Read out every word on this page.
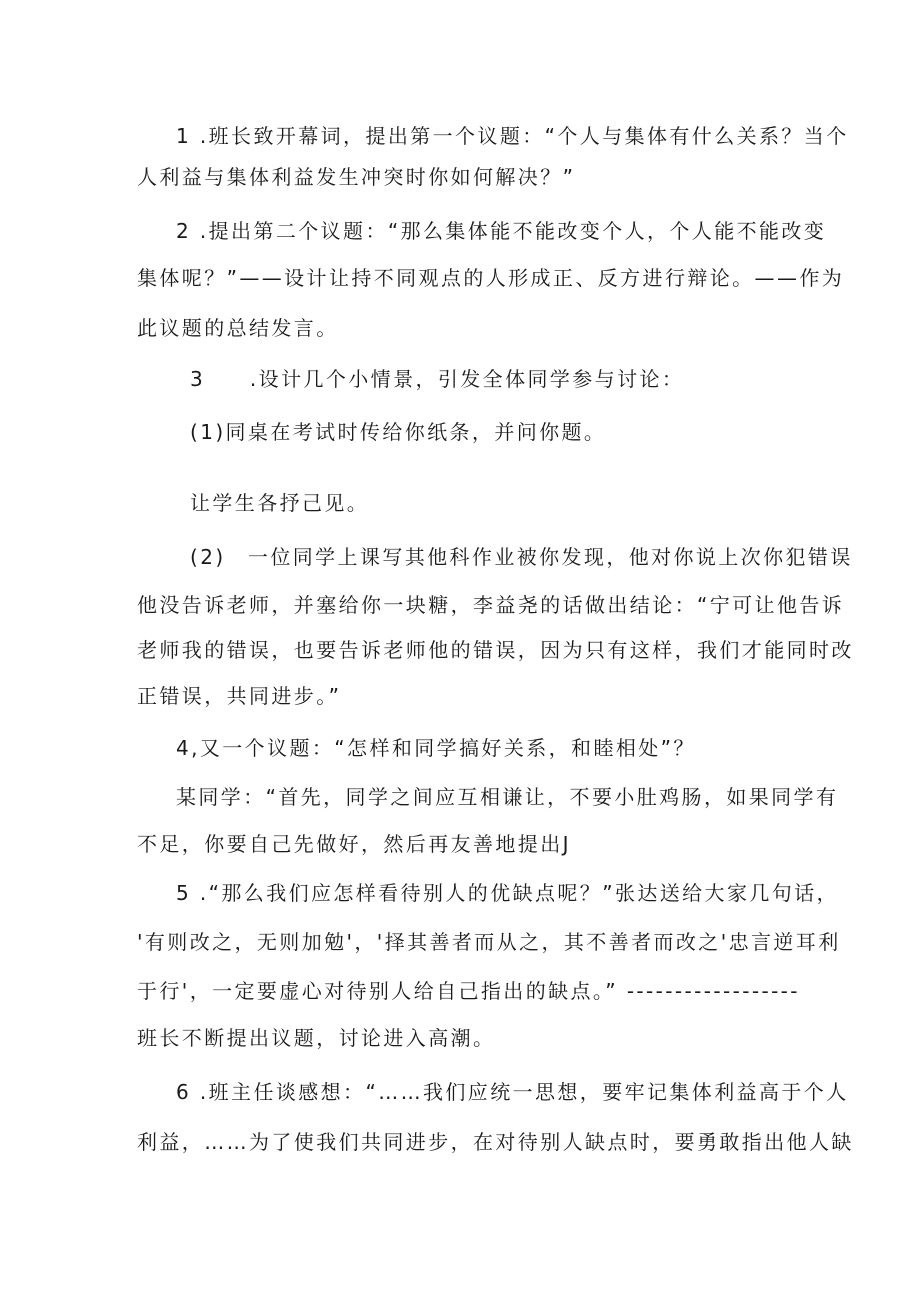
1 .班长致开幕词，提出第一个议题：“个人与集体有什么关系？当个
人利益与集体利益发生冲突时你如何解决？”
2 .提出第二个议题：“那么集体能不能改变个人，个人能不能改变
集体呢？”——设计让持不同观点的人形成正、反方进行辩论。——作为
此议题的总结发言。
3　　.设计几个小情景，引发全体同学参与讨论：
(1)同桌在考试时传给你纸条，并问你题。
让学生各抒己见。
(2)　一位同学上课写其他科作业被你发现，他对你说上次你犯错误
他没告诉老师，并塞给你一块糖，李益尧的话做出结论：“宁可让他告诉
老师我的错误，也要告诉老师他的错误，因为只有这样，我们才能同时改
正错误，共同进步。”
4,又一个议题：“怎样和同学搞好关系，和睦相处”？
某同学：“首先，同学之间应互相谦让，不要小肚鸡肠，如果同学有
不足，你要自己先做好，然后再友善地提出J
5 .“那么我们应怎样看待别人的优缺点呢？”张达送给大家几句话，
'有则改之，无则加勉'，'择其善者而从之，其不善者而改之'忠言逆耳利
于行'，一定要虚心对待别人给自己指出的缺点。” ------------------
班长不断提出议题，讨论进入高潮。
6 .班主任谈感想：“……我们应统一思想，要牢记集体利益高于个人
利益，……为了使我们共同进步，在对待别人缺点时，要勇敢指出他人缺
